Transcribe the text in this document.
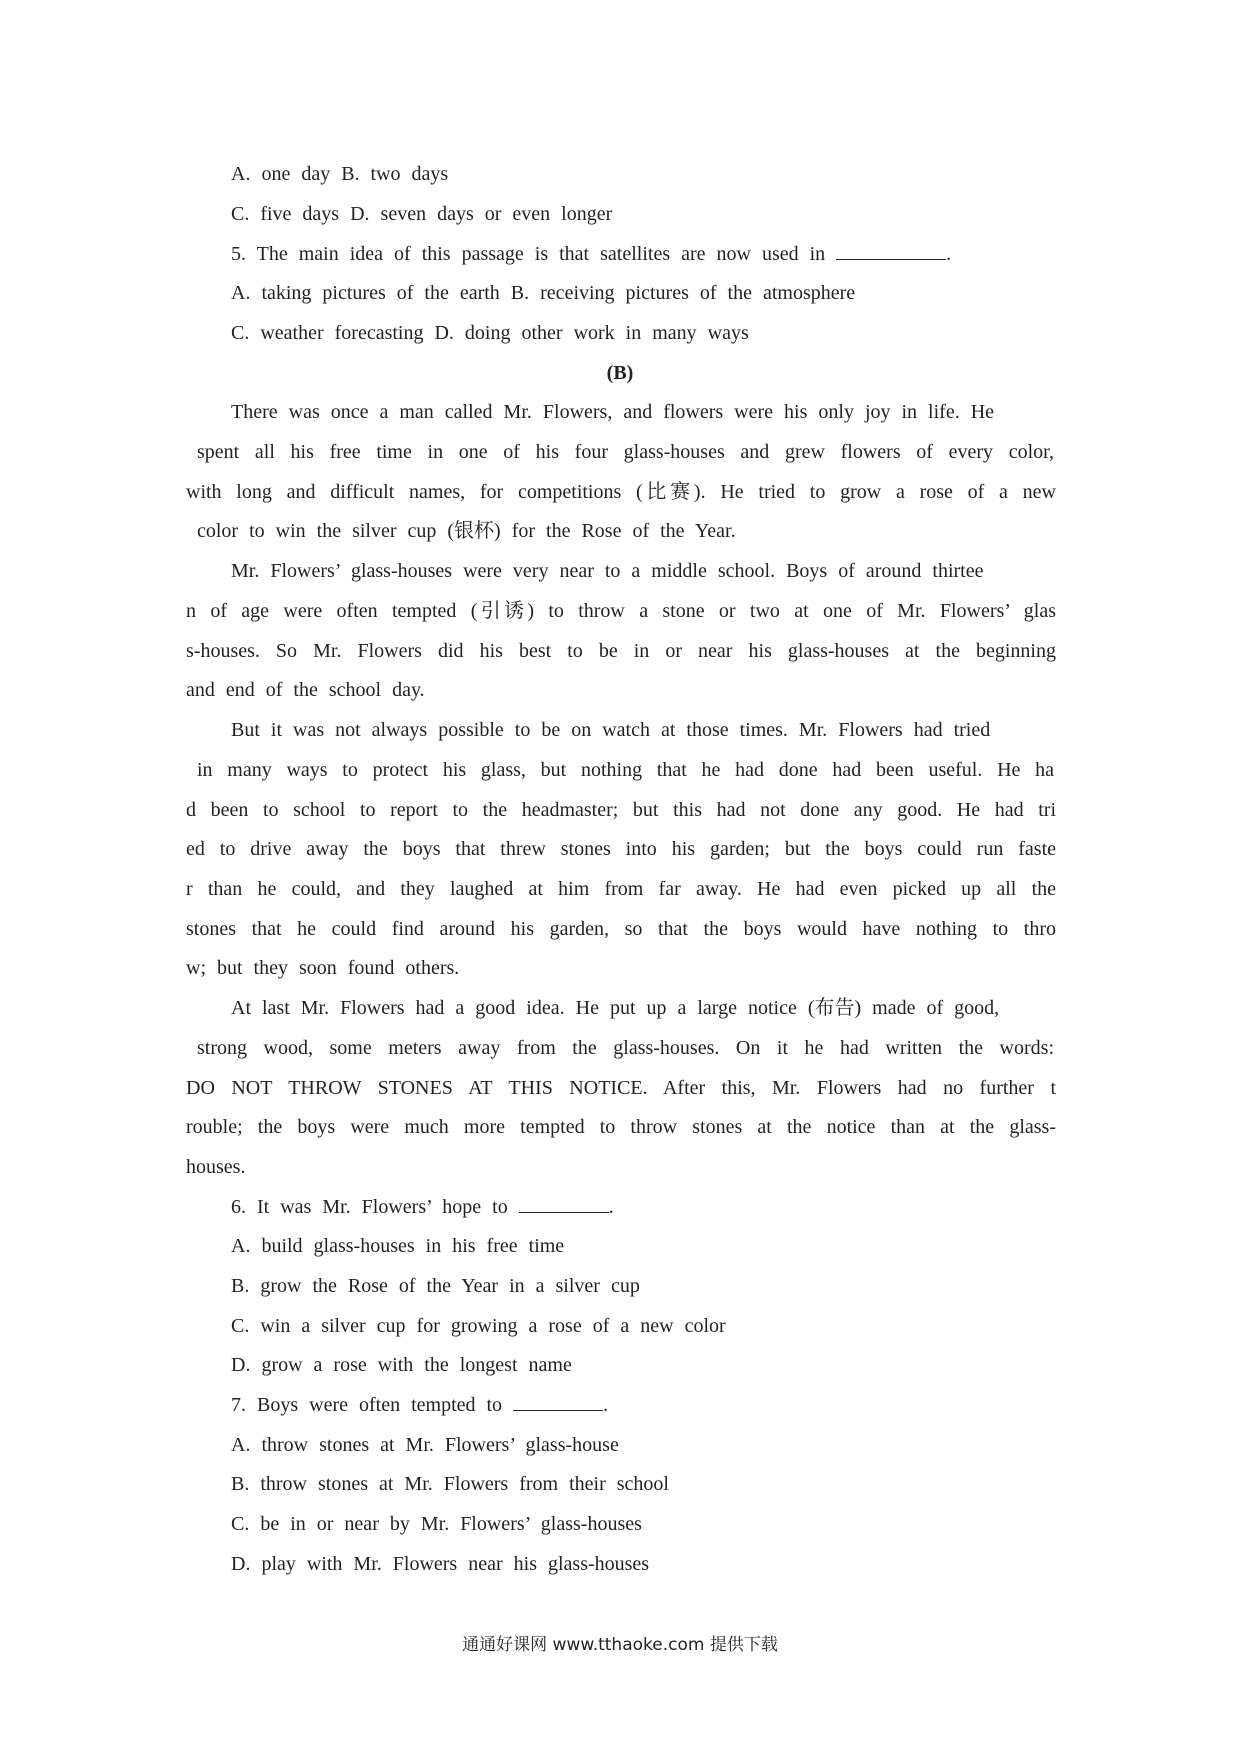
A. one day B. two days
C. five days D. seven days or even longer
5. The main idea of this passage is that satellites are now used in	.
A. taking pictures of the earth B. receiving pictures of the atmosphere
C. weather forecasting D. doing other work in many ways
(B)
There was once a man called Mr. Flowers, and flowers were his only joy in life. He
spent all his free time in one of his four glass-houses and grew flowers of every color,
with long and difficult names, for competitions (比赛). He tried to grow a rose of a new
color to win the silver cup (银杯) for the Rose of the Year.
Mr. Flowers’ glass-houses were very near to a middle school. Boys of around thirtee
n of age were often tempted (引诱) to throw a stone or two at one of Mr. Flowers’ glas
s-houses. So Mr. Flowers did his best to be in or near his glass-houses at the beginning
and end of the school day.
But it was not always possible to be on watch at those times. Mr. Flowers had tried
in many ways to protect his glass, but nothing that he had done had been useful. He ha
d been to school to report to the headmaster; but this had not done any good. He had tri
ed to drive away the boys that threw stones into his garden; but the boys could run faste
r than he could, and they laughed at him from far away. He had even picked up all the
stones that he could find around his garden, so that the boys would have nothing to thro
w; but they soon found others.
At last Mr. Flowers had a good idea. He put up a large notice (布告) made of good,
strong wood, some meters away from the glass-houses. On it he had written the words:
DO NOT THROW STONES AT THIS NOTICE. After this, Mr. Flowers had no further t
rouble; the boys were much more tempted to throw stones at the notice than at the glass-
houses.
6. It was Mr. Flowers’ hope to	.
A. build glass-houses in his free time
B. grow the Rose of the Year in a silver cup
C. win a silver cup for growing a rose of a new color
D. grow a rose with the longest name
7. Boys were often tempted to	.
A. throw stones at Mr. Flowers’ glass-house
B. throw stones at Mr. Flowers from their school
C. be in or near by Mr. Flowers’ glass-houses
D. play with Mr. Flowers near his glass-houses
通通好课网 www.tthaoke.com 提供下载
